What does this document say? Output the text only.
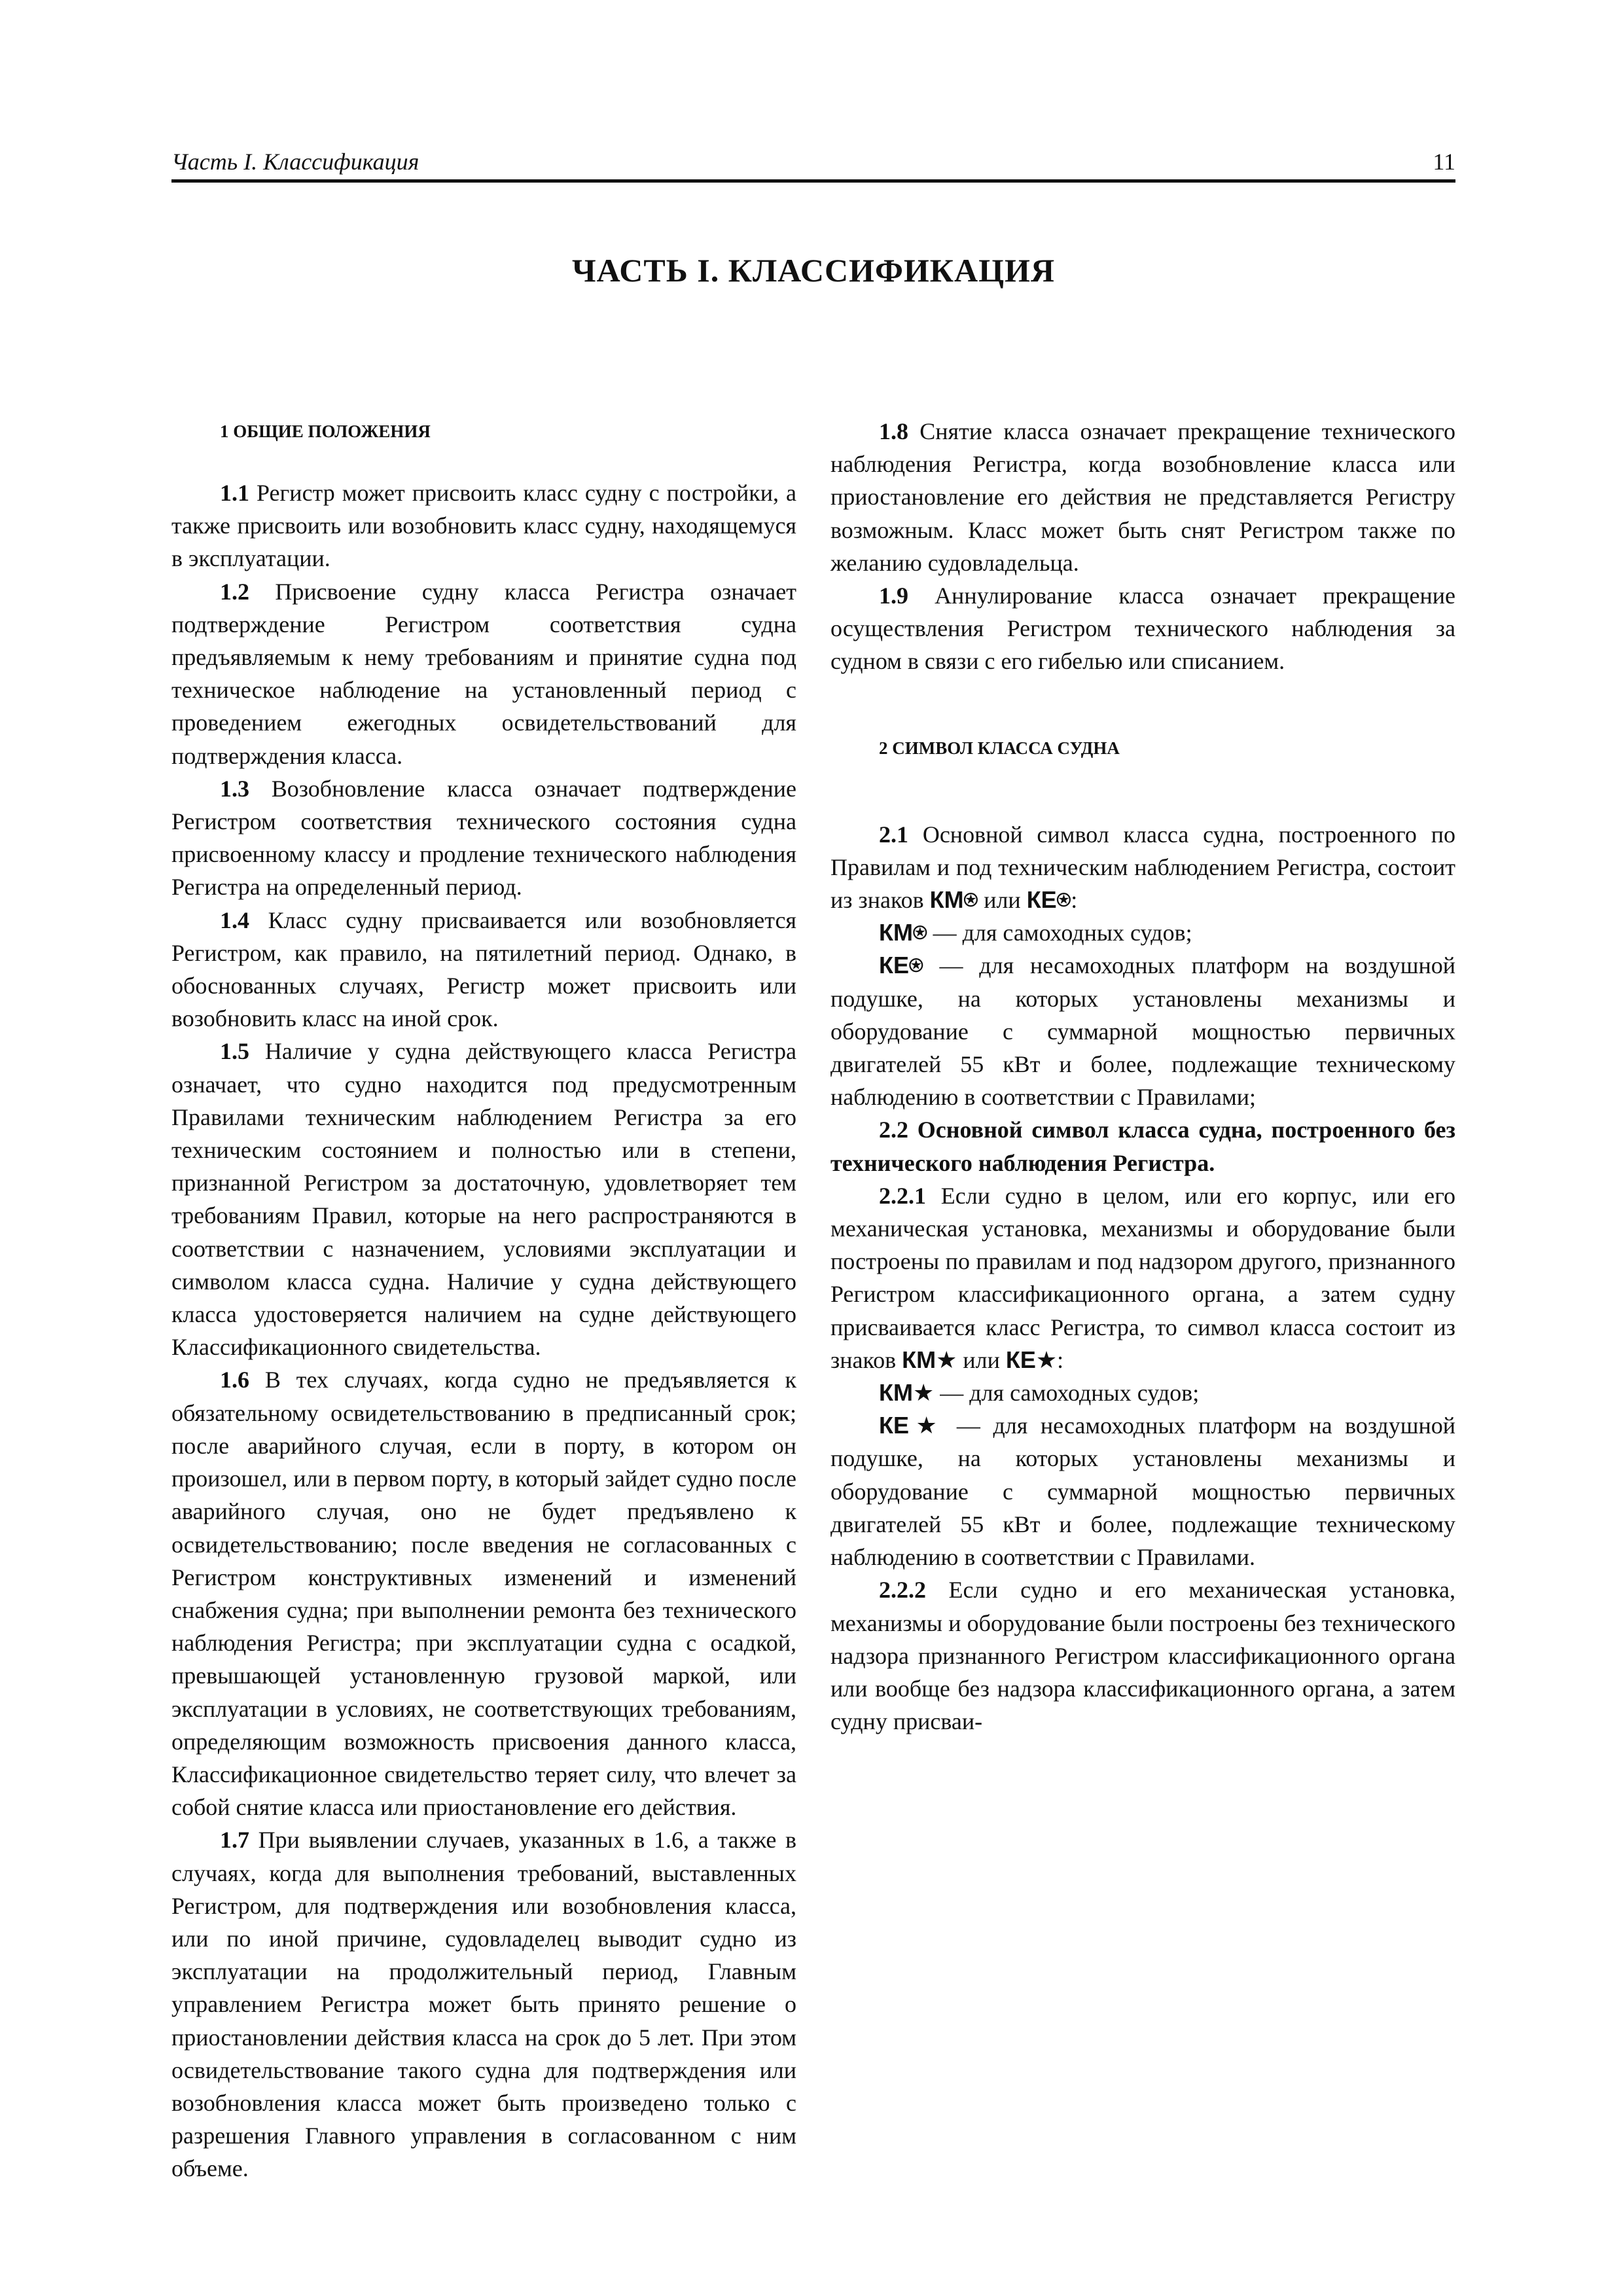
Часть I. Классификация	11
ЧАСТЬ I. КЛАССИФИКАЦИЯ

1 ОБЩИЕ ПОЛОЖЕНИЯ

1.1 Регистр может присвоить класс судну с постройки, а также присвоить или возобновить класс судну, находящемуся в эксплуатации.

1.2 Присвоение судну класса Регистра означает подтверждение Регистром соответствия судна предъявляемым к нему требованиям и принятие судна под техническое наблюдение на установленный период с проведением ежегодных освидетельствований для подтверждения класса.

1.3 Возобновление класса означает подтверждение Регистром соответствия технического состояния судна присвоенному классу и продление технического наблюдения Регистра на определенный период.

1.4 Класс судну присваивается или возобновляется Регистром, как правило, на пятилетний период. Однако, в обоснованных случаях, Регистр может присвоить или возобновить класс на иной срок.

1.5 Наличие у судна действующего класса Регистра означает, что судно находится под предусмотренным Правилами техническим наблюдением Регистра за его техническим состоянием и полностью или в степени, признанной Регистром за достаточную, удовлетворяет тем требованиям Правил, которые на него распространяются в соответствии с назначением, условиями эксплуатации и символом класса судна. Наличие у судна действующего класса удостоверяется наличием на судне действующего Классификационного свидетельства.

1.6 В тех случаях, когда судно не предъявляется к обязательному освидетельствованию в предписанный срок; после аварийного случая, если в порту, в котором он произошел, или в первом порту, в который зайдет судно после аварийного случая, оно не будет предъявлено к освидетельствованию; после введения не согласованных с Регистром конструктивных изменений и изменений снабжения судна; при выполнении ремонта без технического наблюдения Регистра; при эксплуатации судна с осадкой, превышающей установленную грузовой маркой, или эксплуатации в условиях, не соответствующих требованиям, определяющим возможность присвоения данного класса, Классификационное свидетельство теряет силу, что влечет за собой снятие класса или приостановление его действия.

1.7 При выявлении случаев, указанных в 1.6, а также в случаях, когда для выполнения требований, выставленных Регистром, для подтверждения или возобновления класса, или по иной причине, судовладелец выводит судно из эксплуатации на продолжительный период, Главным управлением Регистра может быть принято решение о приостановлении действия класса на срок до 5 лет. При этом освидетельствование такого судна для подтверждения или возобновления класса может быть произведено только с разрешения Главного управления в согласованном с ним объеме.

1.8 Снятие класса означает прекращение технического наблюдения Регистра, когда возобновление класса или приостановление его действия не представляется Регистру возможным. Класс может быть снят Регистром также по желанию судовладельца.

1.9 Аннулирование класса означает прекращение осуществления Регистром технического наблюдения за судном в связи с его гибелью или списанием.

2 СИМВОЛ КЛАССА СУДНА

2.1 Основной символ класса судна, построенного по Правилам и под техническим наблюдением Регистра, состоит из знаков КМ⍟ или КЕ⍟:

КМ⍟ — для самоходных судов;

КЕ⍟ — для несамоходных платформ на воздушной подушке, на которых установлены механизмы и оборудование с суммарной мощностью первичных двигателей 55 кВт и более, подлежащие техническому наблюдению в соответствии с Правилами;

2.2 Основной символ класса судна, построенного без технического наблюдения Регистра.

2.2.1 Если судно в целом, или его корпус, или его механическая установка, механизмы и оборудование были построены по правилам и под надзором другого, признанного Регистром классификационного органа, а затем судну присваивается класс Регистра, то символ класса состоит из знаков КМ★ или КЕ★:

КМ★ — для самоходных судов;

КЕ★ — для несамоходных платформ на воздушной подушке, на которых установлены механизмы и оборудование с суммарной мощностью первичных двигателей 55 кВт и более, подлежащие техническому наблюдению в соответствии с Правилами.

2.2.2 Если судно и его механическая установка, механизмы и оборудование были построены без технического надзора признанного Регистром классификационного органа или вообще без надзора классификационного органа, а затем судну присваи-
